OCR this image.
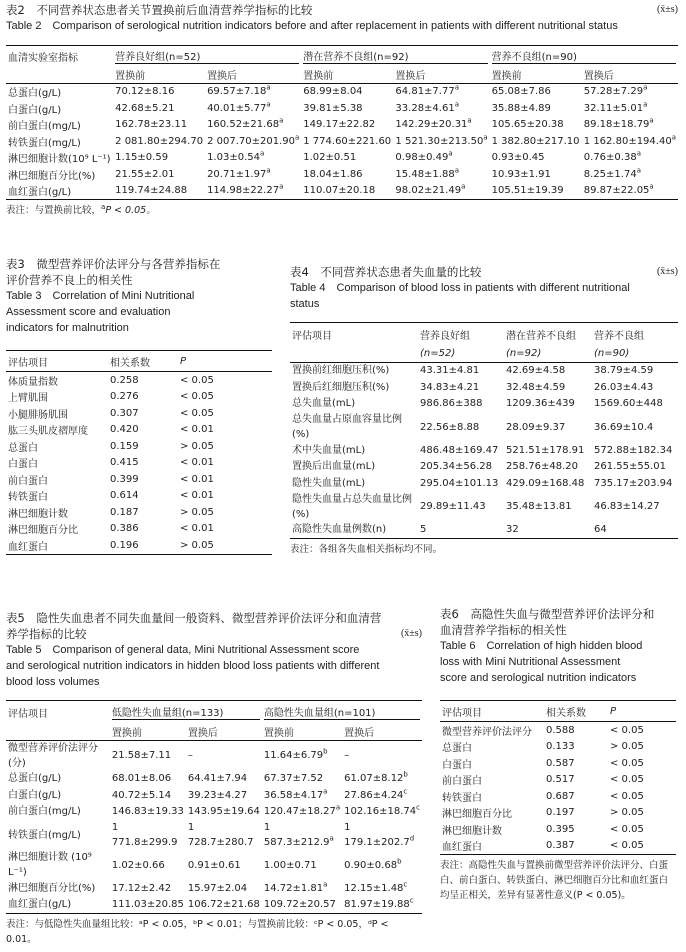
表2　不同营养状态患者关节置换前后血清营养学指标的比较
Table 2　Comparison of serological nutrition indicators before and after replacement in patients with different nutritional status
(x̄±s)
血清实验室指标	营养良好组(n=52)		潜在营养不良组(n=92)		营养不良组(n=90)	

	置换前	置换后	置换前	置换后	置换前	置换后
总蛋白(g/L)	70.12±8.16	69.57±7.18$^a$	68.99±8.04	64.81±7.77$^a$	65.08±7.86	57.28±7.29$^a$
白蛋白(g/L)	42.68±5.21	40.01±5.77$^a$	39.81±5.38	33.28±4.61$^a$	35.88±4.89	32.11±5.01$^a$
前白蛋白(mg/L)	162.78±23.11	160.52±21.68$^a$	149.17±22.82	142.29±20.31$^a$	105.65±20.38	89.18±18.79$^a$
转铁蛋白(mg/L)	2 081.80±294.70	2 007.70±201.90$^a$	1 774.60±221.60	1 521.30±213.50$^a$	1 382.80±217.10	1 162.80±194.40$^a$
淋巴细胞计数(10⁹ L⁻¹)	1.15±0.59	1.03±0.54$^a$	1.02±0.51	0.98±0.49$^a$	0.93±0.45	0.76±0.38$^a$
淋巴细胞百分比(%)	21.55±2.01	20.71±1.97$^a$	18.04±1.86	15.48±1.88$^a$	10.93±1.91	8.25±1.74$^a$
血红蛋白(g/L)	119.74±24.88	114.98±22.27$^a$	110.07±20.18	98.02±21.49$^a$	105.51±19.39	89.87±22.05$^a$
表注：与置换前比较，$^a$P < 0.05。
表3　微型营养评价法评分与各营养指标在
评价营养不良上的相关性
Table 3　Correlation of Mini Nutritional
Assessment score and evaluation
indicators for malnutrition
评估项目	相关系数	P
体质量指数	0.258	< 0.05
上臂肌围	0.276	< 0.05
小腿腓肠肌围	0.307	< 0.05
肱三头肌皮褶厚度	0.420	< 0.01
总蛋白	0.159	> 0.05
白蛋白	0.415	< 0.01
前白蛋白	0.399	< 0.01
转铁蛋白	0.614	< 0.01
淋巴细胞计数	0.187	> 0.05
淋巴细胞百分比	0.386	< 0.01
血红蛋白	0.196	> 0.05
表4　不同营养状态患者失血量的比较	(x̄±s)
Table 4　Comparison of blood loss in patients with different nutritional
status
评估项目	营养良好组	潜在营养不良组	营养不良组
	(n=52)	(n=92)	(n=90)
置换前红细胞压积(%)	43.31±4.81	42.69±4.58	38.79±4.59
置换后红细胞压积(%)	34.83±4.21	32.48±4.59	26.03±4.43
总失血量(mL)	986.86±388	1209.36±439	1569.60±448
总失血量占原血容量比例(%)	22.56±8.88	28.09±9.37	36.69±10.4
术中失血量(mL)	486.48±169.47	521.51±178.91	572.88±182.34
置换后出血量(mL)	205.34±56.28	258.76±48.20	261.55±55.01
隐性失血量(mL)	295.04±101.13	429.09±168.48	735.17±203.94
隐性失血量占总失血量比例(%)	29.89±11.43	35.48±13.81	46.83±14.27
高隐性失血量例数(n)	5	32	64
表注：各组各失血相关指标均不同。
表5　隐性失血患者不同失血量间一般资料、微型营养评价法评分和血清营
养学指标的比较	(x̄±s)
Table 5　Comparison of general data, Mini Nutritional Assessment score
and serological nutrition indicators in hidden blood loss patients with different
blood loss volumes
评估项目	低隐性失血量组(n=133)		高隐性失血量组(n=101)	

	置换前	置换后	置换前	置换后
微型营养评价法评分(分)	21.58±7.11	–	11.64±6.79$^b$	–
总蛋白(g/L)	68.01±8.06	64.41±7.94	67.37±7.52	61.07±8.12$^b$
白蛋白(g/L)	40.72±5.14	39.23±4.27	36.58±4.17$^a$	27.86±4.24$^c$
前白蛋白(mg/L)	146.83±19.33	143.95±19.64	120.47±18.27$^a$	102.16±18.74$^c$
转铁蛋白(mg/L)	1 771.8±299.9	1 728.7±280.7	1 587.3±212.9$^a$	1 179.1±202.7$^d$
淋巴细胞计数 (10⁹ L⁻¹)	1.02±0.66	0.91±0.61	1.00±0.71	0.90±0.68$^b$
淋巴细胞百分比(%)	17.12±2.42	15.97±2.04	14.72±1.81$^a$	12.15±1.48$^c$
血红蛋白(g/L)	111.03±20.85	106.72±21.68	109.72±20.57	81.97±19.88$^c$
表注：与低隐性失血量组比较：ᵃP < 0.05，ᵇP < 0.01；与置换前比较：ᶜP < 0.05，ᵈP < 0.01。
表6　高隐性失血与微型营养评价法评分和
血清营养学指标的相关性
Table 6　Correlation of high hidden blood
loss with Mini Nutritional Assessment
score and serological nutrition indicators
评估项目	相关系数	P
微型营养评价法评分	0.588	< 0.05
总蛋白	0.133	> 0.05
白蛋白	0.587	< 0.05
前白蛋白	0.517	< 0.05
转铁蛋白	0.687	< 0.05
淋巴细胞百分比	0.197	> 0.05
淋巴细胞计数	0.395	< 0.05
血红蛋白	0.387	< 0.05
表注：高隐性失血与置换前微型营养评价法评分、白蛋白、前白蛋白、转铁蛋白、淋巴细胞百分比和血红蛋白均呈正相关，差异有显著性意义(P < 0.05)。
